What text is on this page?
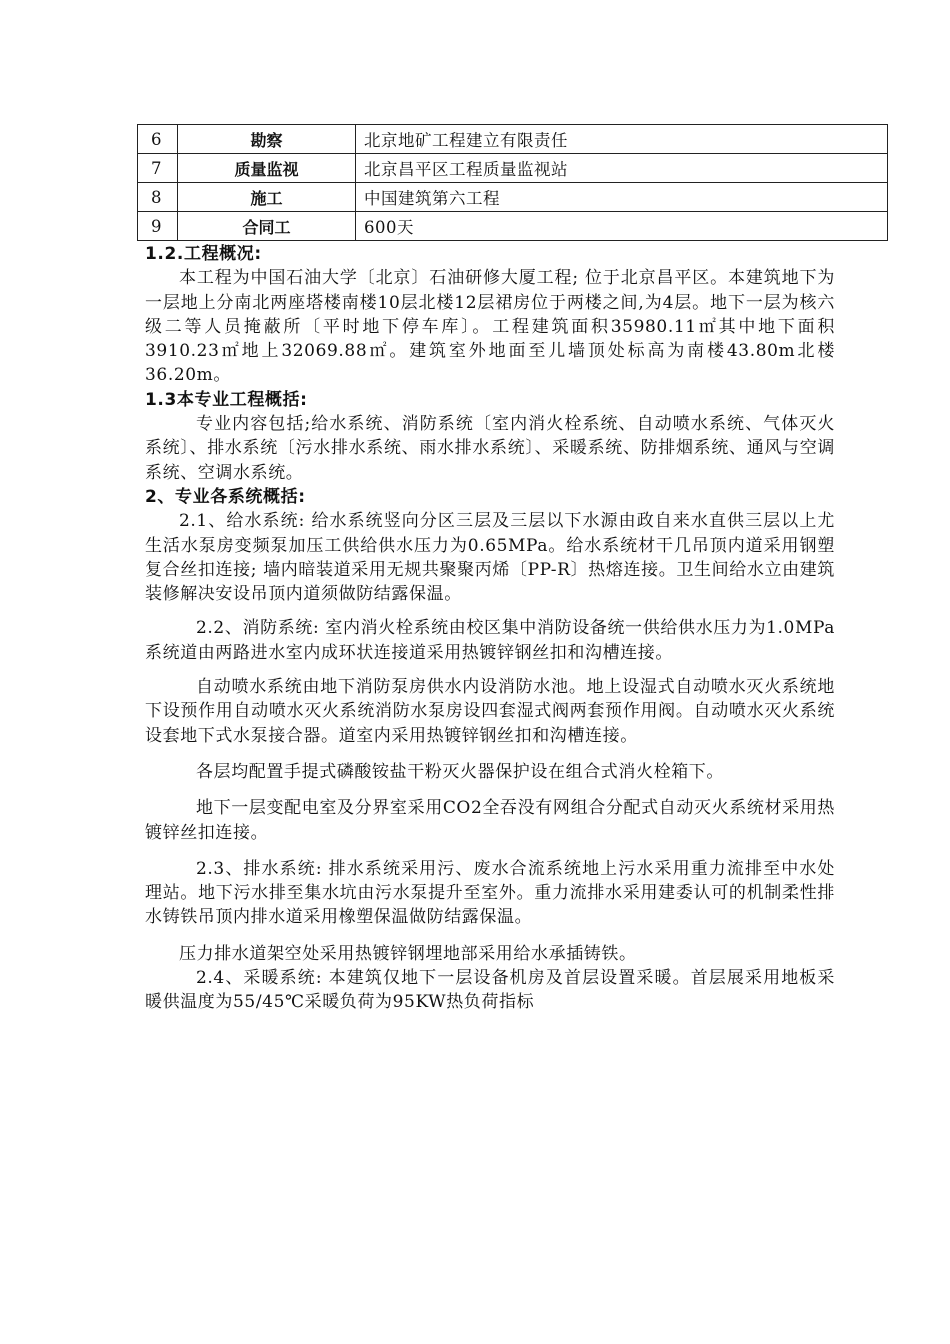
6	勘察	北京地矿工程建立有限责任
7	质量监视	北京昌平区工程质量监视站
8	施工	中国建筑第六工程
9	合同工	600天

1.2.工程概况:

本工程为中国石油大学〔北京〕石油研修大厦工程; 位于北京昌平区。本建筑地下为一层地上分南北两座塔楼南楼10层北楼12层裙房位于两楼之间,为4层。地下一层为核六级二等人员掩蔽所〔平时地下停车库〕。工程建筑面积35980.11㎡其中地下面积3910.23㎡地上32069.88㎡。建筑室外地面至儿墙顶处标高为南楼43.80m北楼36.20m。

1.3本专业工程概括:

专业内容包括;给水系统、消防系统〔室内消火栓系统、自动喷水系统、气体灭火系统〕、排水系统〔污水排水系统、雨水排水系统〕、采暖系统、防排烟系统、通风与空调系统、空调水系统。

2、专业各系统概括:

2.1、给水系统: 给水系统竖向分区三层及三层以下水源由政自来水直供三层以上尤生活水泵房变频泵加压工供给供水压力为0.65MPa。给水系统材干几吊顶内道采用钢塑复合丝扣连接; 墙内暗装道采用无规共聚聚丙烯〔PP-R〕热熔连接。卫生间给水立由建筑装修解决安设吊顶内道须做防结露保温。

2.2、消防系统: 室内消火栓系统由校区集中消防设备统一供给供水压力为1.0MPa系统道由两路进水室内成环状连接道采用热镀锌钢丝扣和沟槽连接。

自动喷水系统由地下消防泵房供水内设消防水池。地上设湿式自动喷水灭火系统地下设预作用自动喷水灭火系统消防水泵房设四套湿式阀两套预作用阀。自动喷水灭火系统设套地下式水泵接合器。道室内采用热镀锌钢丝扣和沟槽连接。

各层均配置手提式磷酸铵盐干粉灭火器保护设在组合式消火栓箱下。

地下一层变配电室及分界室采用CO2全吞没有网组合分配式自动灭火系统材采用热镀锌丝扣连接。

2.3、排水系统: 排水系统采用污、废水合流系统地上污水采用重力流排至中水处理站。地下污水排至集水坑由污水泵提升至室外。重力流排水采用建委认可的机制柔性排水铸铁吊顶内排水道采用橡塑保温做防结露保温。

压力排水道架空处采用热镀锌钢埋地部采用给水承插铸铁。

2.4、采暖系统: 本建筑仅地下一层设备机房及首层设置采暖。首层展采用地板采暖供温度为55/45℃采暖负荷为95KW热负荷指标
